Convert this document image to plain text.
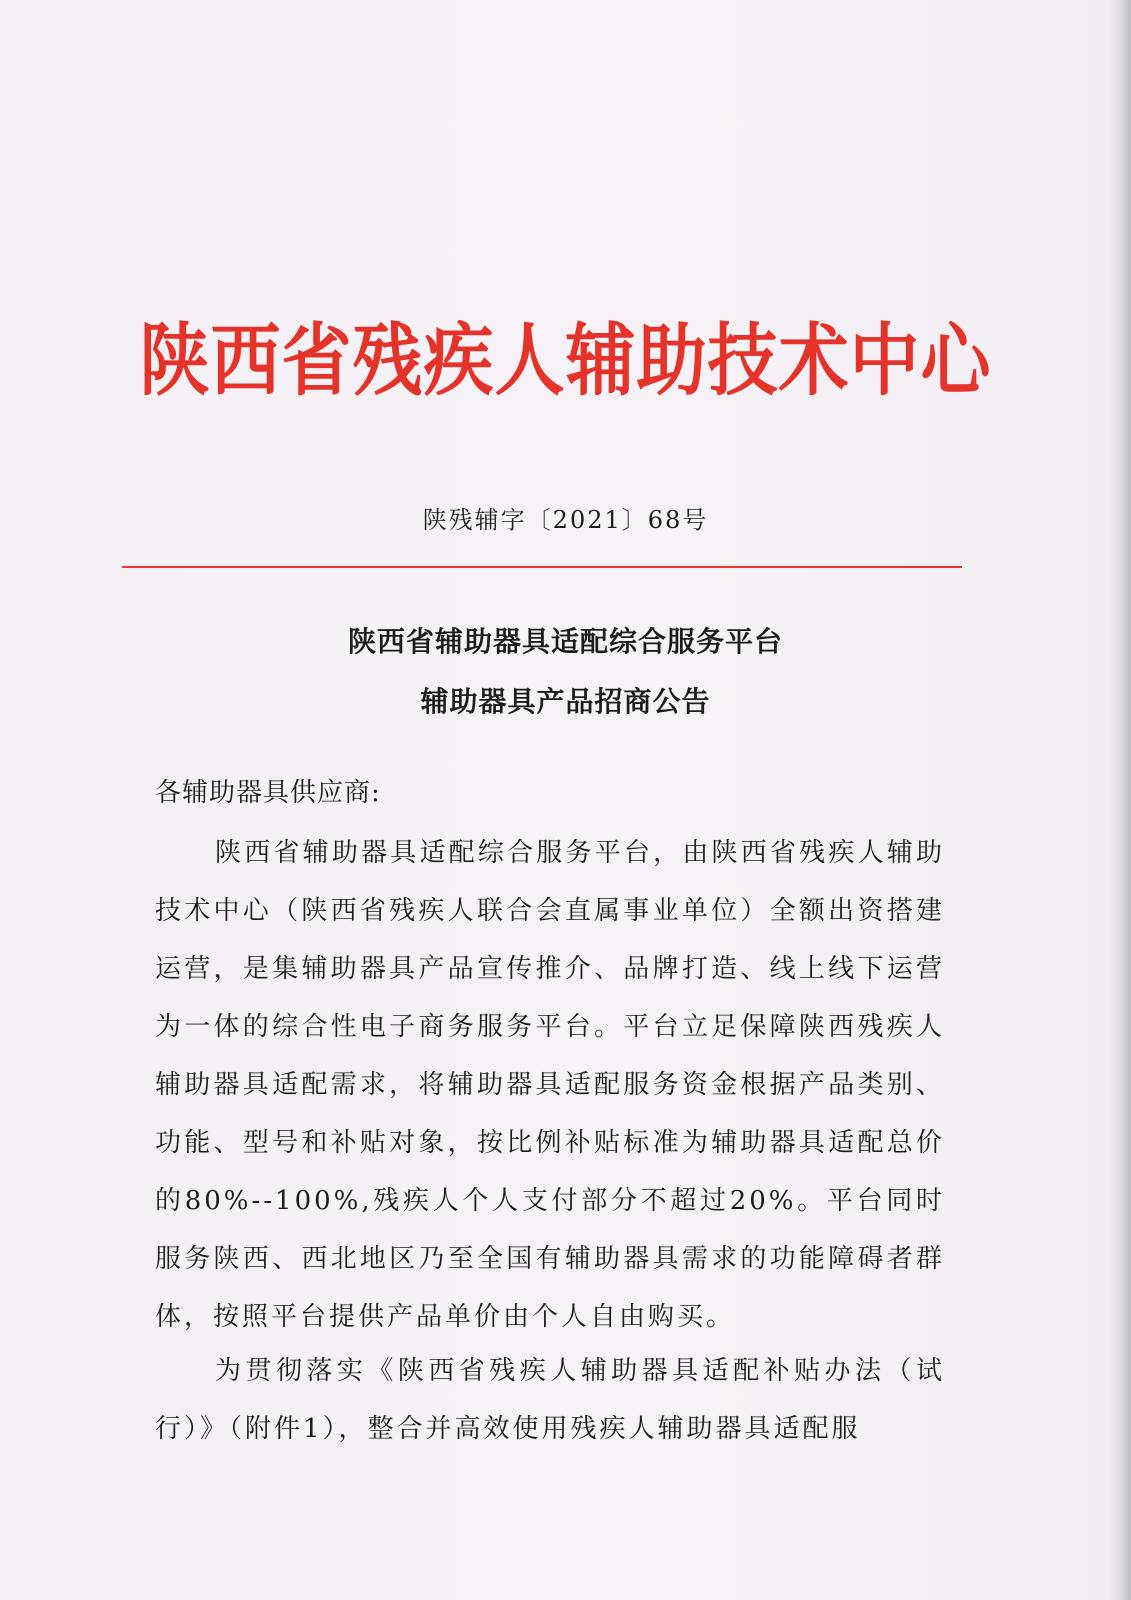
陕西省残疾人辅助技术中心
陕残辅字〔2021〕68号
陕西省辅助器具适配综合服务平台
辅助器具产品招商公告
各辅助器具供应商:
陕西省辅助器具适配综合服务平台，由陕西省残疾人辅助技术中心（陕西省残疾人联合会直属事业单位）全额出资搭建运营，是集辅助器具产品宣传推介、品牌打造、线上线下运营为一体的综合性电子商务服务平台。平台立足保障陕西残疾人辅助器具适配需求，将辅助器具适配服务资金根据产品类别、功能、型号和补贴对象，按比例补贴标准为辅助器具适配总价的80%--100%,残疾人个人支付部分不超过20%。平台同时服务陕西、西北地区乃至全国有辅助器具需求的功能障碍者群体，按照平台提供产品单价由个人自由购买。
为贯彻落实《陕西省残疾人辅助器具适配补贴办法（试行）》（附件1），整合并高效使用残疾人辅助器具适配服
